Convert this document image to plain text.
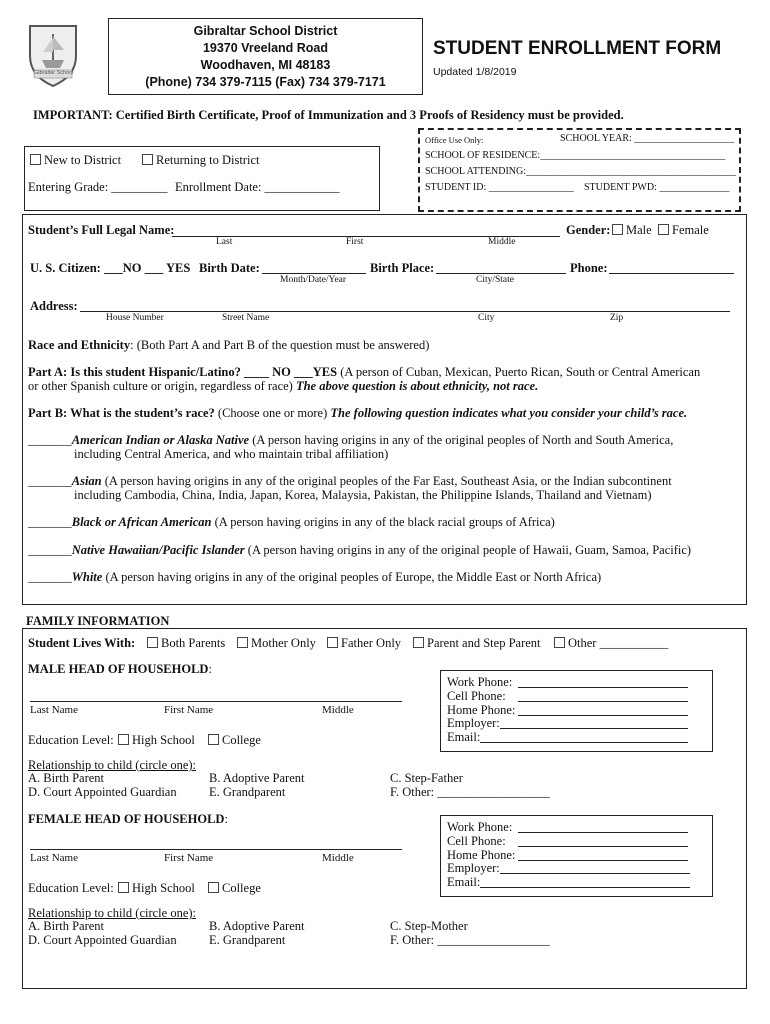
Gibraltar School
Gibraltar School District
19370 Vreeland Road
Woodhaven, MI 48183
(Phone) 734 379-7115 (Fax) 734 379-7171
STUDENT ENROLLMENT FORM
Updated 1/8/2019
IMPORTANT: Certified Birth Certificate, Proof of Immunization and 3 Proofs of Residency must be provided.
New to District	Returning to District
Entering Grade: _________ Enrollment Date: ____________
Office Use Only:	SCHOOL YEAR: ____________________
SCHOOL OF RESIDENCE:_____________________________________
SCHOOL ATTENDING:__________________________________________
STUDENT ID: _________________ STUDENT PWD: ______________
Student’s Full Legal Name:	Gender:	Male	Female
Last	First	Middle
U. S. Citizen: ___NO ___ YES Birth Date:	Birth Place:	Phone:
Month/Date/Year	City/State
Address:
House Number	Street Name	City	Zip
Race and Ethnicity: (Both Part A and Part B of the question must be answered)
Part A: Is this student Hispanic/Latino? ____ NO ___YES (A person of Cuban, Mexican, Puerto Rican, South or Central American
or other Spanish culture or origin, regardless of race) The above question is about ethnicity, not race.
Part B: What is the student’s race? (Choose one or more) The following question indicates what you consider your child’s race.
_______American Indian or Alaska Native (A person having origins in any of the original peoples of North and South America,
including Central America, and who maintain tribal affiliation)
_______Asian (A person having origins in any of the original peoples of the Far East, Southeast Asia, or the Indian subcontinent
including Cambodia, China, India, Japan, Korea, Malaysia, Pakistan, the Philippine Islands, Thailand and Vietnam)
_______Black or African American (A person having origins in any of the black racial groups of Africa)
_______Native Hawaiian/Pacific Islander (A person having origins in any of the original people of Hawaii, Guam, Samoa, Pacific)
_______White (A person having origins in any of the original peoples of Europe, the Middle East or North Africa)
FAMILY INFORMATION
Student Lives With:	Both Parents	Mother Only	Father Only	Parent and Step Parent	Other ___________
MALE HEAD OF HOUSEHOLD:
Last Name	First Name	Middle
Education Level:	High School	College
Relationship to child (circle one):
A. Birth Parent	B. Adoptive Parent	C. Step-Father
D. Court Appointed Guardian	E. Grandparent	F. Other: __________________
Work Phone:
Cell Phone:
Home Phone:
Employer:
Email:
FEMALE HEAD OF HOUSEHOLD:
Last Name	First Name	Middle
Education Level:	High School	College
Relationship to child (circle one):
A. Birth Parent	B. Adoptive Parent	C. Step-Mother
D. Court Appointed Guardian	E. Grandparent	F. Other: __________________
Work Phone:
Cell Phone:
Home Phone:
Employer:
Email:
